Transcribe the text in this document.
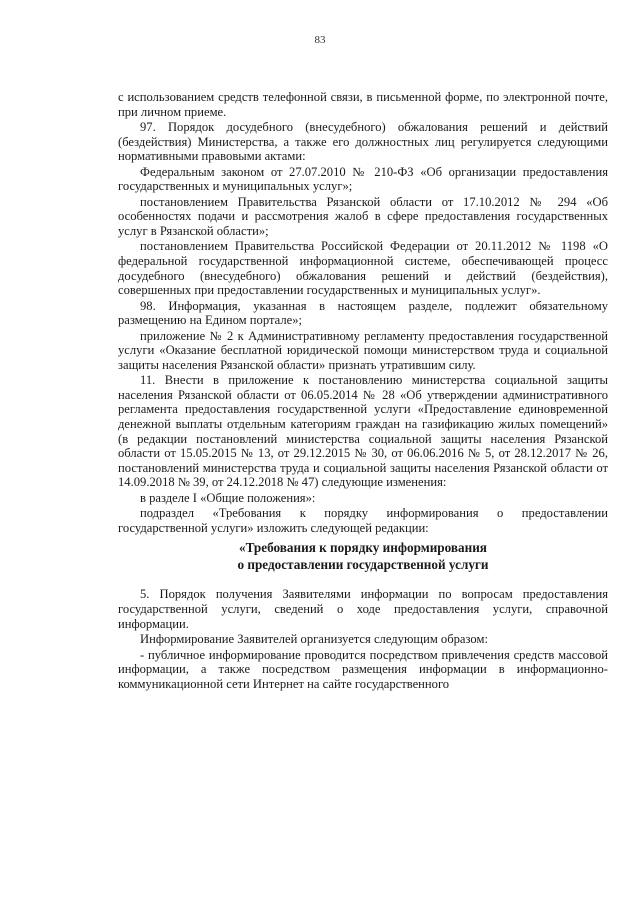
83

с использованием средств телефонной связи, в письменной форме, по электронной почте, при личном приеме.

97. Порядок досудебного (внесудебного) обжалования решений и действий (бездействия) Министерства, а также его должностных лиц регулируется следующими нормативными правовыми актами:

Федеральным законом от 27.07.2010 № 210-ФЗ «Об организации предоставления государственных и муниципальных услуг»;

постановлением Правительства Рязанской области от 17.10.2012 № 294 «Об особенностях подачи и рассмотрения жалоб в сфере предоставления государственных услуг в Рязанской области»;

постановлением Правительства Российской Федерации от 20.11.2012 № 1198 «О федеральной государственной информационной системе, обеспечивающей процесс досудебного (внесудебного) обжалования решений и действий (бездействия), совершенных при предоставлении государственных и муниципальных услуг».

98. Информация, указанная в настоящем разделе, подлежит обязательному размещению на Едином портале»;

приложение № 2 к Административному регламенту предоставления государственной услуги «Оказание бесплатной юридической помощи министерством труда и социальной защиты населения Рязанской области» признать утратившим силу.

11. Внести в приложение к постановлению министерства социальной защиты населения Рязанской области от 06.05.2014 № 28 «Об утверждении административного регламента предоставления государственной услуги «Предоставление единовременной денежной выплаты отдельным категориям граждан на газификацию жилых помещений» (в редакции постановлений министерства социальной защиты населения Рязанской области от 15.05.2015 № 13, от 29.12.2015 № 30, от 06.06.2016 № 5, от 28.12.2017 № 26, постановлений министерства труда и социальной защиты населения Рязанской области от 14.09.2018 № 39, от 24.12.2018 № 47) следующие изменения:

в разделе I «Общие положения»:

подраздел «Требования к порядку информирования о предоставлении государственной услуги» изложить следующей редакции:

«Требования к порядку информирования
о предоставлении государственной услуги

5. Порядок получения Заявителями информации по вопросам предоставления государственной услуги, сведений о ходе предоставления услуги, справочной информации.

Информирование Заявителей организуется следующим образом:

- публичное информирование проводится посредством привлечения средств массовой информации, а также посредством размещения информации в информационно-коммуникационной сети Интернет на сайте государственного
